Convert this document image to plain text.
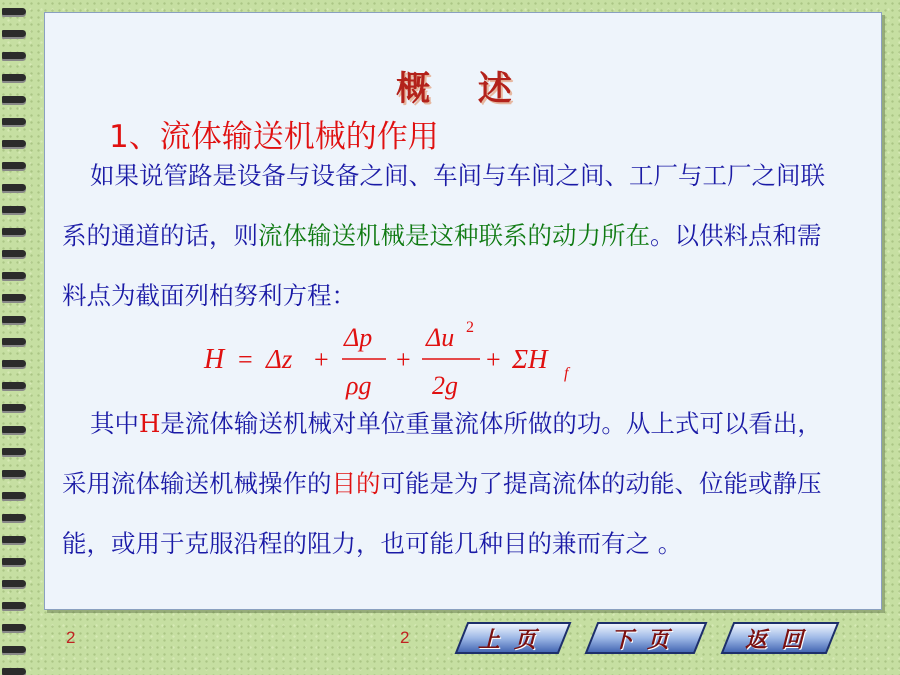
概 述
1、流体输送机械的作用
如果说管路是设备与设备之间、车间与车间之间、工厂与工厂之间联系的通道的话，则流体输送机械是这种联系的动力所在。以供料点和需料点为截面列柏努利方程：
H = Δz +
Δp
ρg
+
Δu 2
2g
+ ΣH f
其中H是流体输送机械对单位重量流体所做的功。从上式可以看出，采用流体输送机械操作的目的可能是为了提高流体的动能、位能或静压能，或用于克服沿程的阻力，也可能几种目的兼而有之 。
2	2	上页	下页	返回
